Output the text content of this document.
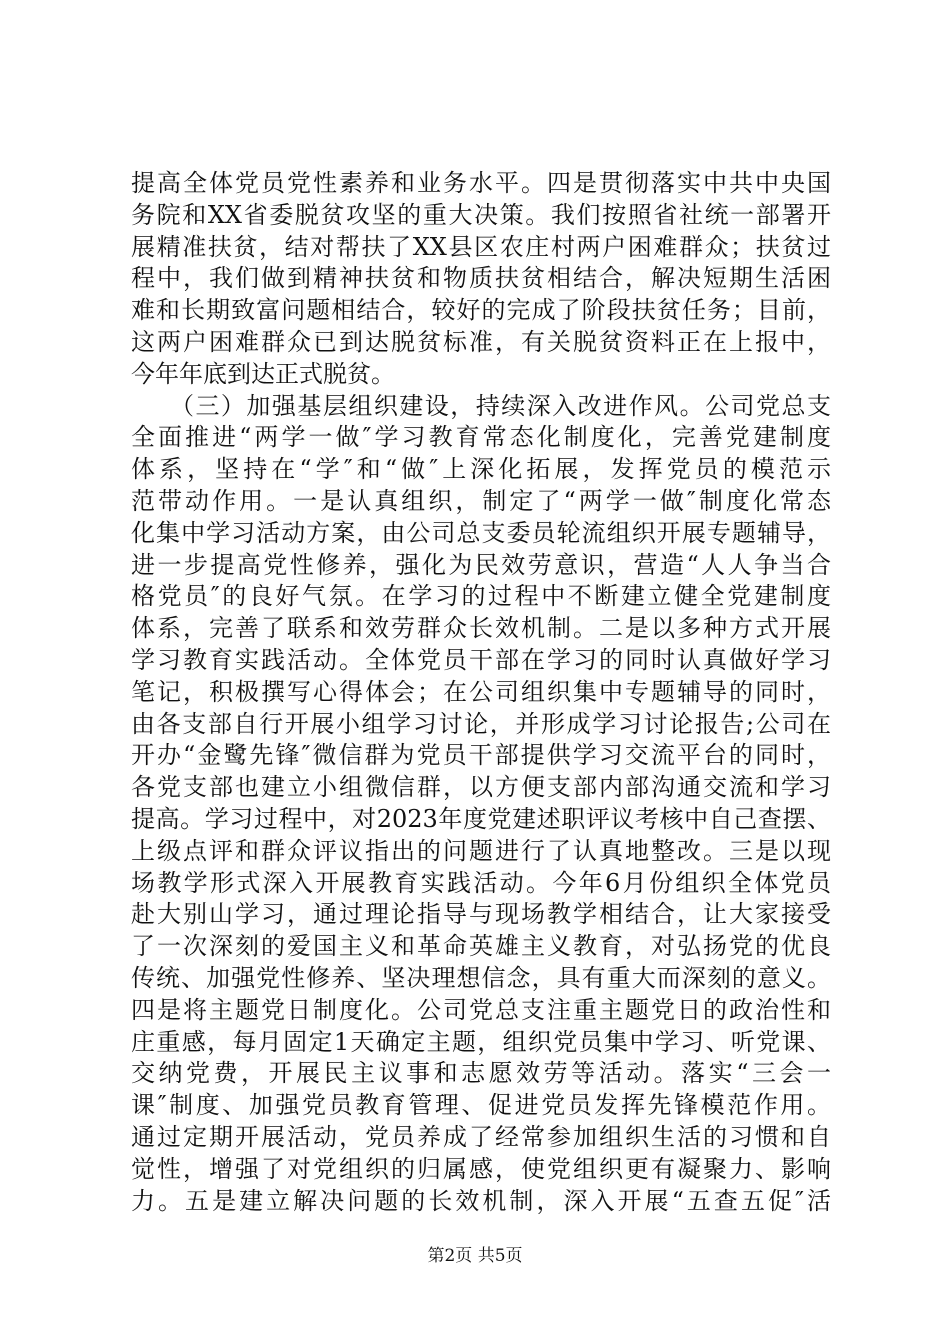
提高全体党员党性素养和业务水平。四是贯彻落实中共中央国
务院和XX省委脱贫攻坚的重大决策。我们按照省社统一部署开
展精准扶贫，结对帮扶了XX县区农庄村两户困难群众；扶贫过
程中，我们做到精神扶贫和物质扶贫相结合，解决短期生活困
难和长期致富问题相结合，较好的完成了阶段扶贫任务；目前，
这两户困难群众已到达脱贫标准，有关脱贫资料正在上报中，
今年年底到达正式脱贫。
　　（三）加强基层组织建设，持续深入改进作风。公司党总支
全面推进“两学一做″学习教育常态化制度化，完善党建制度
体系，坚持在“学″和“做″上深化拓展，发挥党员的模范示
范带动作用。一是认真组织，制定了“两学一做″制度化常态
化集中学习活动方案，由公司总支委员轮流组织开展专题辅导，
进一步提高党性修养，强化为民效劳意识，营造“人人争当合
格党员″的良好气氛。在学习的过程中不断建立健全党建制度
体系，完善了联系和效劳群众长效机制。二是以多种方式开展
学习教育实践活动。全体党员干部在学习的同时认真做好学习
笔记，积极撰写心得体会；在公司组织集中专题辅导的同时，
由各支部自行开展小组学习讨论，并形成学习讨论报告;公司在
开办“金鹭先锋″微信群为党员干部提供学习交流平台的同时，
各党支部也建立小组微信群，以方便支部内部沟通交流和学习
提高。学习过程中，对2023年度党建述职评议考核中自己查摆、
上级点评和群众评议指出的问题进行了认真地整改。三是以现
场教学形式深入开展教育实践活动。今年6月份组织全体党员
赴大别山学习，通过理论指导与现场教学相结合，让大家接受
了一次深刻的爱国主义和革命英雄主义教育，对弘扬党的优良
传统、加强党性修养、坚决理想信念，具有重大而深刻的意义。
四是将主题党日制度化。公司党总支注重主题党日的政治性和
庄重感，每月固定1天确定主题，组织党员集中学习、听党课、
交纳党费，开展民主议事和志愿效劳等活动。落实“三会一
课″制度、加强党员教育管理、促进党员发挥先锋模范作用。
通过定期开展活动，党员养成了经常参加组织生活的习惯和自
觉性，增强了对党组织的归属感，使党组织更有凝聚力、影响
力。五是建立解决问题的长效机制，深入开展“五查五促″活
第2页 共5页
